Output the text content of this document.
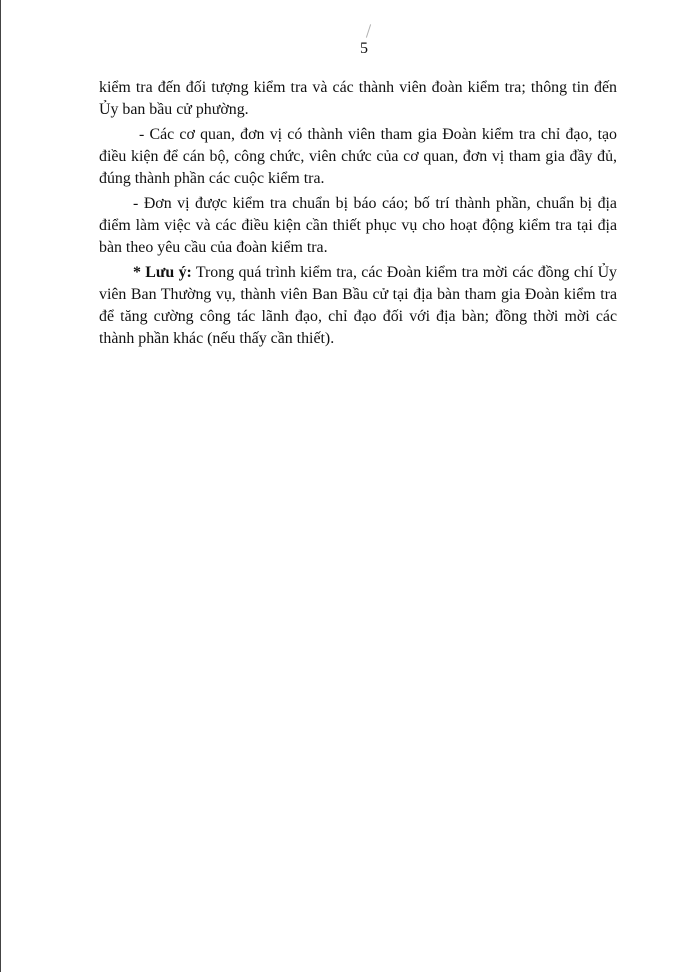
5

kiểm tra đến đối tượng kiểm tra và các thành viên đoàn kiểm tra; thông tin đến Ủy ban bầu cử phường.

- Các cơ quan, đơn vị có thành viên tham gia Đoàn kiểm tra chỉ đạo, tạo điều kiện để cán bộ, công chức, viên chức của cơ quan, đơn vị tham gia đầy đủ, đúng thành phần các cuộc kiểm tra.

- Đơn vị được kiểm tra chuẩn bị báo cáo; bố trí thành phần, chuẩn bị địa điểm làm việc và các điều kiện cần thiết phục vụ cho hoạt động kiểm tra tại địa bàn theo yêu cầu của đoàn kiểm tra.

* Lưu ý: Trong quá trình kiểm tra, các Đoàn kiểm tra mời các đồng chí Ủy viên Ban Thường vụ, thành viên Ban Bầu cử tại địa bàn tham gia Đoàn kiểm tra để tăng cường công tác lãnh đạo, chỉ đạo đối với địa bàn; đồng thời mời các thành phần khác (nếu thấy cần thiết).
